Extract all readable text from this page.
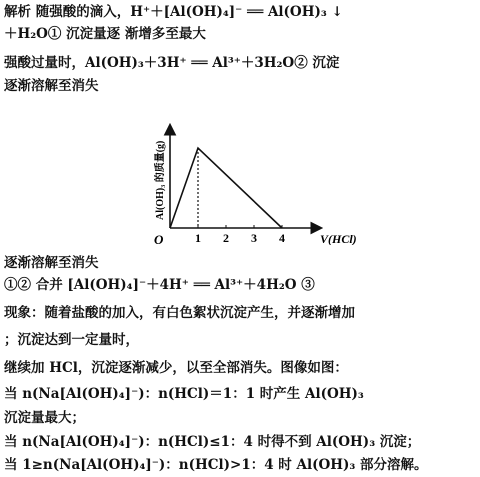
解析 随强酸的滴入，H⁺＋[Al(OH)₄]⁻ ══ Al(OH)₃ ↓
＋H₂O① 沉淀量逐 渐增多至最大
强酸过量时，Al(OH)₃＋3H⁺ ══ Al³⁺＋3H₂O② 沉淀
逐渐溶解至消失
1 2 3 4
O	V(HCl)
Al(OH)₃ 的质量(g)
逐渐溶解至消失
①② 合并 [Al(OH)₄]⁻＋4H⁺ ══ Al³⁺＋4H₂O ③
现象：随着盐酸的加入，有白色絮状沉淀产生，并逐渐增加
；沉淀达到一定量时，
继续加 HCl，沉淀逐渐减少，以至全部消失。图像如图：
当 n(Na[Al(OH)₄]⁻)：n(HCl)＝1：1 时产生 Al(OH)₃
沉淀量最大；
当 n(Na[Al(OH)₄]⁻)：n(HCl)≤1：4 时得不到 Al(OH)₃ 沉淀；
当 1≥n(Na[Al(OH)₄]⁻)：n(HCl)>1：4 时 Al(OH)₃ 部分溶解。
